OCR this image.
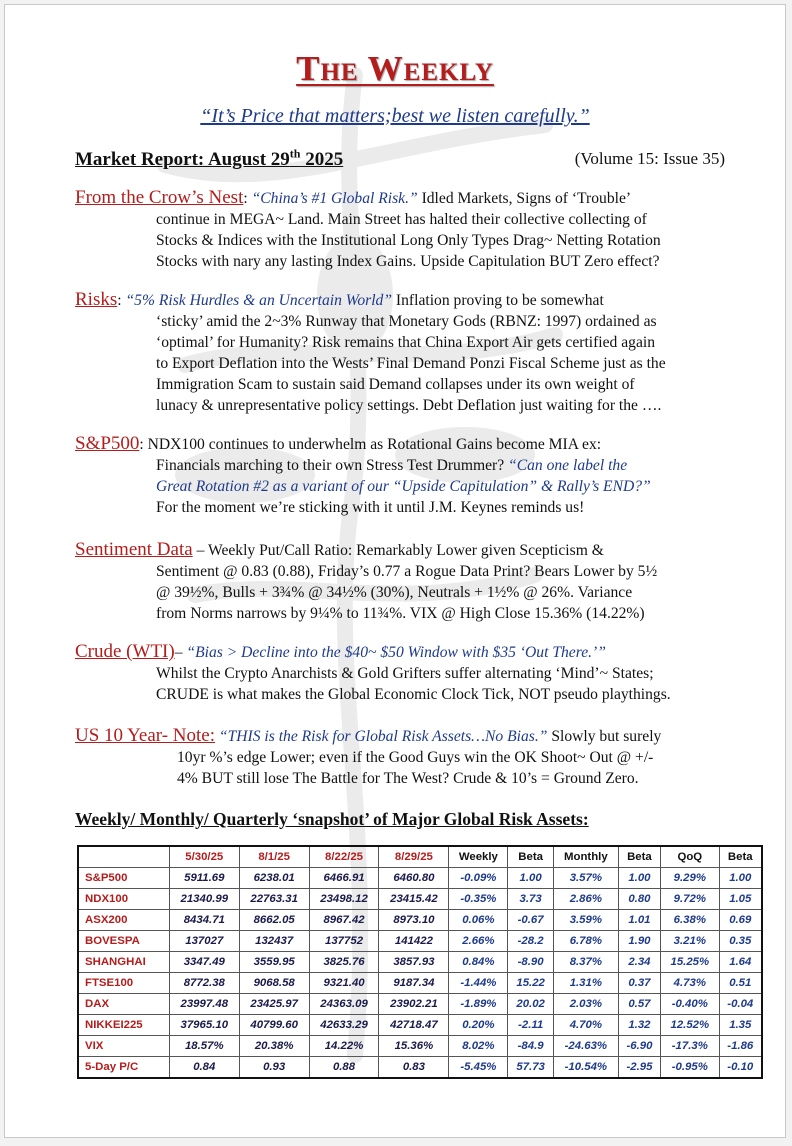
The Weekly
“It’s Price that matters;best we listen carefully.”
Market Report: August 29th 2025	(Volume 15: Issue 35)
From the Crow’s Nest: “China’s #1 Global Risk.” Idled Markets, Signs of ‘Trouble’
continue in MEGA~ Land. Main Street has halted their collective collecting of
Stocks & Indices with the Institutional Long Only Types Drag~ Netting Rotation
Stocks with nary any lasting Index Gains. Upside Capitulation BUT Zero effect?
Risks: “5% Risk Hurdles & an Uncertain World” Inflation proving to be somewhat
‘sticky’ amid the 2~3% Runway that Monetary Gods (RBNZ: 1997) ordained as
‘optimal’ for Humanity? Risk remains that China Export Air gets certified again
to Export Deflation into the Wests’ Final Demand Ponzi Fiscal Scheme just as the
Immigration Scam to sustain said Demand collapses under its own weight of
lunacy & unrepresentative policy settings. Debt Deflation just waiting for the ….
S&P500: NDX100 continues to underwhelm as Rotational Gains become MIA ex:
Financials marching to their own Stress Test Drummer? “Can one label the
Great Rotation #2 as a variant of our “Upside Capitulation” & Rally’s END?”
For the moment we’re sticking with it until J.M. Keynes reminds us!
Sentiment Data – Weekly Put/Call Ratio: Remarkably Lower given Scepticism &
Sentiment @ 0.83 (0.88), Friday’s 0.77 a Rogue Data Print? Bears Lower by 5½
@ 39½%, Bulls + 3¾% @ 34½% (30%), Neutrals + 1½% @ 26%. Variance
from Norms narrows by 9¼% to 11¾%. VIX @ High Close 15.36% (14.22%)
Crude (WTI)– “Bias > Decline into the $40~ $50 Window with $35 ‘Out There.’”
Whilst the Crypto Anarchists & Gold Grifters suffer alternating ‘Mind’~ States;
CRUDE is what makes the Global Economic Clock Tick, NOT pseudo playthings.
US 10 Year- Note: “THIS is the Risk for Global Risk Assets…No Bias.” Slowly but surely
10yr %’s edge Lower; even if the Good Guys win the OK Shoot~ Out @ +/-
4% BUT still lose The Battle for The West? Crude & 10’s = Ground Zero.
Weekly/ Monthly/ Quarterly ‘snapshot’ of Major Global Risk Assets:
	5/30/25	8/1/25	8/22/25	8/29/25	Weekly	Beta	Monthly	Beta	QoQ	Beta
S&P500	5911.69	6238.01	6466.91	6460.80	-0.09%	1.00	3.57%	1.00	9.29%	1.00
NDX100	21340.99	22763.31	23498.12	23415.42	-0.35%	3.73	2.86%	0.80	9.72%	1.05
ASX200	8434.71	8662.05	8967.42	8973.10	0.06%	-0.67	3.59%	1.01	6.38%	0.69
BOVESPA	137027	132437	137752	141422	2.66%	-28.2	6.78%	1.90	3.21%	0.35
SHANGHAI	3347.49	3559.95	3825.76	3857.93	0.84%	-8.90	8.37%	2.34	15.25%	1.64
FTSE100	8772.38	9068.58	9321.40	9187.34	-1.44%	15.22	1.31%	0.37	4.73%	0.51
DAX	23997.48	23425.97	24363.09	23902.21	-1.89%	20.02	2.03%	0.57	-0.40%	-0.04
NIKKEI225	37965.10	40799.60	42633.29	42718.47	0.20%	-2.11	4.70%	1.32	12.52%	1.35
VIX	18.57%	20.38%	14.22%	15.36%	8.02%	-84.9	-24.63%	-6.90	-17.3%	-1.86
5-Day P/C	0.84	0.93	0.88	0.83	-5.45%	57.73	-10.54%	-2.95	-0.95%	-0.10
